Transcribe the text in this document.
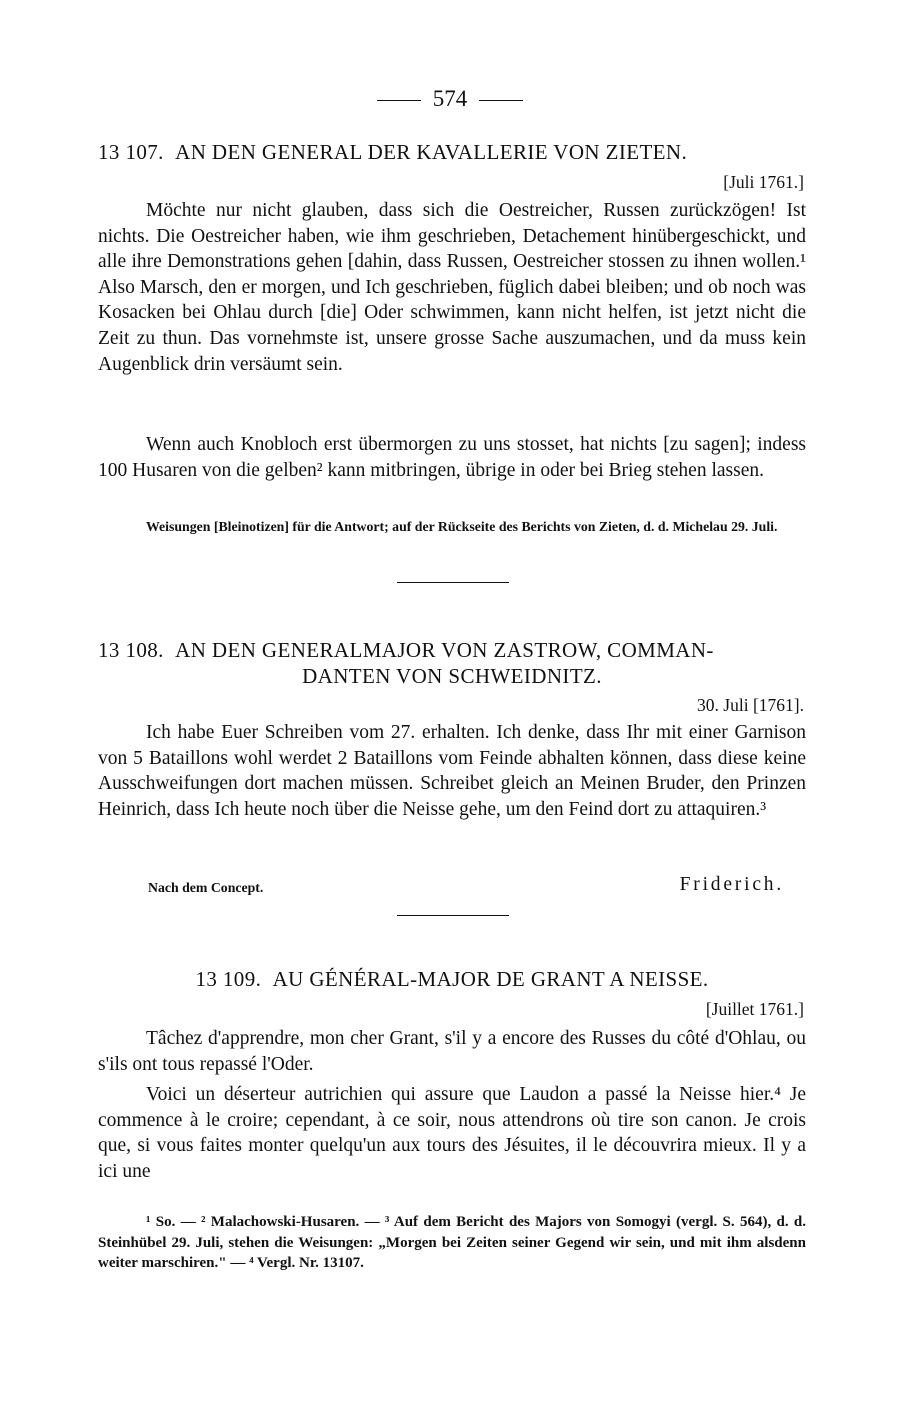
574
13 107. AN DEN GENERAL DER KAVALLERIE VON ZIETEN.
[Juli 1761.]
Möchte nur nicht glauben, dass sich die Oestreicher, Russen zurückzögen! Ist nichts. Die Oestreicher haben, wie ihm geschrieben, Detachement hinübergeschickt, und alle ihre Demonstrations gehen [dahin, dass Russen, Oestreicher stossen zu ihnen wollen.¹ Also Marsch, den er morgen, und Ich geschrieben, füglich dabei bleiben; und ob noch was Kosacken bei Ohlau durch [die] Oder schwimmen, kann nicht helfen, ist jetzt nicht die Zeit zu thun. Das vornehmste ist, unsere grosse Sache auszumachen, und da muss kein Augenblick drin versäumt sein.
Wenn auch Knobloch erst übermorgen zu uns stosset, hat nichts [zu sagen]; indess 100 Husaren von die gelben² kann mitbringen, übrige in oder bei Brieg stehen lassen.
Weisungen [Bleinotizen] für die Antwort; auf der Rückseite des Berichts von Zieten, d. d. Michelau 29. Juli.
13 108. AN DEN GENERALMAJOR VON ZASTROW, COMMAN-
DANTEN VON SCHWEIDNITZ.
30. Juli [1761].
Ich habe Euer Schreiben vom 27. erhalten. Ich denke, dass Ihr mit einer Garnison von 5 Bataillons wohl werdet 2 Bataillons vom Feinde abhalten können, dass diese keine Ausschweifungen dort machen müssen. Schreibet gleich an Meinen Bruder, den Prinzen Heinrich, dass Ich heute noch über die Neisse gehe, um den Feind dort zu attaquiren.³
Nach dem Concept.	Friderich.
13 109. AU GÉNÉRAL-MAJOR DE GRANT A NEISSE.
[Juillet 1761.]
Tâchez d'apprendre, mon cher Grant, s'il y a encore des Russes du côté d'Ohlau, ou s'ils ont tous repassé l'Oder.
Voici un déserteur autrichien qui assure que Laudon a passé la Neisse hier.⁴ Je commence à le croire; cependant, à ce soir, nous attendrons où tire son canon. Je crois que, si vous faites monter quelqu'un aux tours des Jésuites, il le découvrira mieux. Il y a ici une
¹ So. — ² Malachowski-Husaren. — ³ Auf dem Bericht des Majors von Somogyi (vergl. S. 564), d. d. Steinhübel 29. Juli, stehen die Weisungen: „Morgen bei Zeiten seiner Gegend wir sein, und mit ihm alsdenn weiter marschiren." — ⁴ Vergl. Nr. 13107.
